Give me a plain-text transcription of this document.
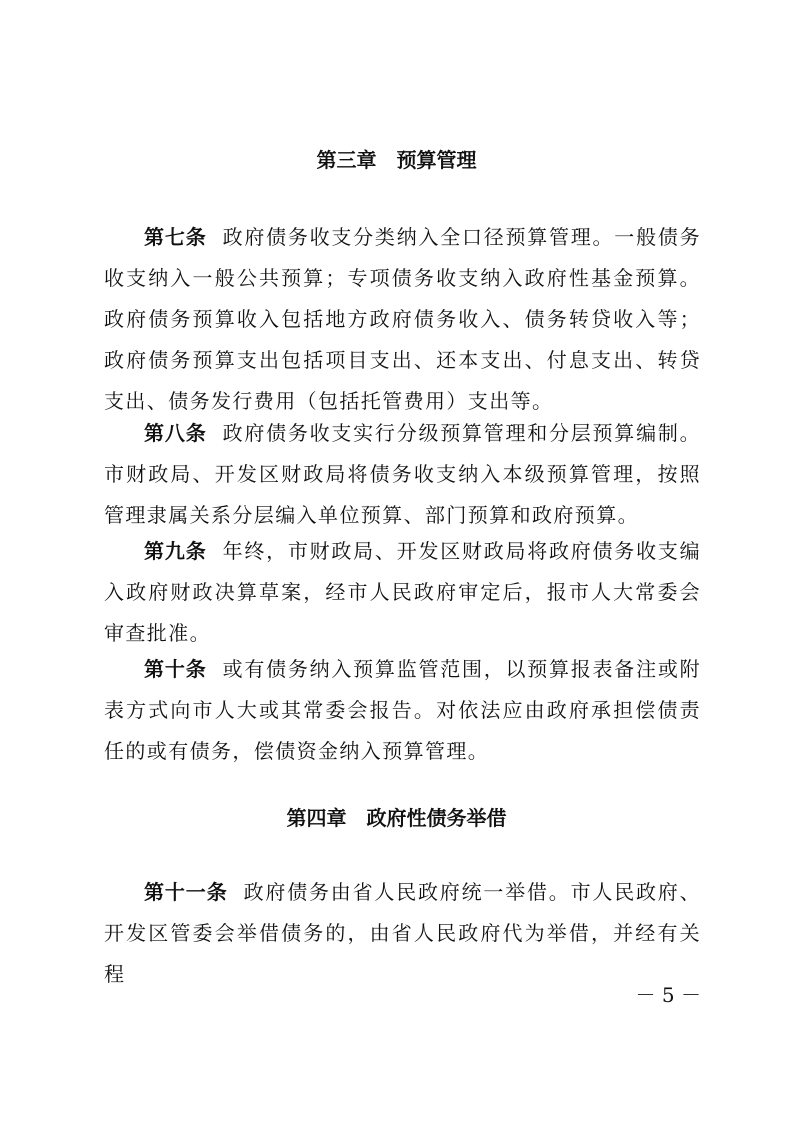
第三章　预算管理

第七条 政府债务收支分类纳入全口径预算管理。一般债务收支纳入一般公共预算；专项债务收支纳入政府性基金预算。政府债务预算收入包括地方政府债务收入、债务转贷收入等；政府债务预算支出包括项目支出、还本支出、付息支出、转贷支出、债务发行费用（包括托管费用）支出等。

第八条 政府债务收支实行分级预算管理和分层预算编制。市财政局、开发区财政局将债务收支纳入本级预算管理，按照管理隶属关系分层编入单位预算、部门预算和政府预算。

第九条 年终，市财政局、开发区财政局将政府债务收支编入政府财政决算草案，经市人民政府审定后，报市人大常委会审查批准。

第十条 或有债务纳入预算监管范围，以预算报表备注或附表方式向市人大或其常委会报告。对依法应由政府承担偿债责任的或有债务，偿债资金纳入预算管理。

第四章　政府性债务举借

第十一条 政府债务由省人民政府统一举借。市人民政府、开发区管委会举借债务的，由省人民政府代为举借，并经有关程

－ 5 －
